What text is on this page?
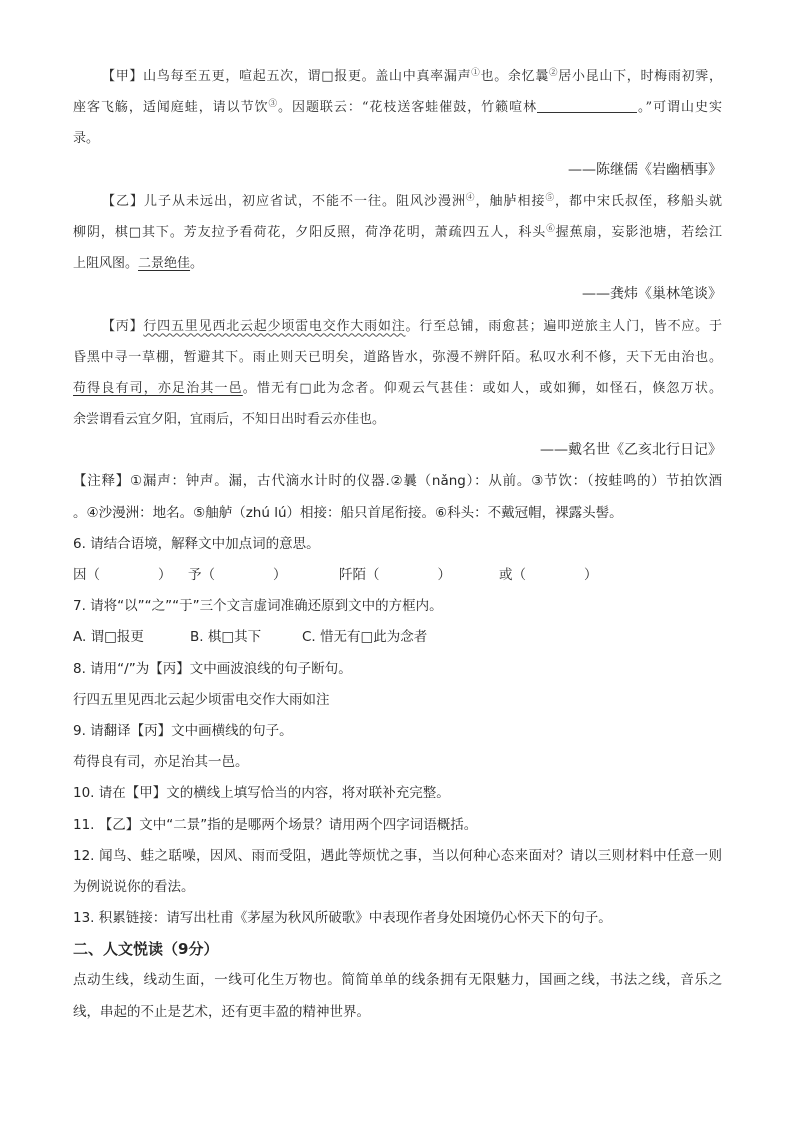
【甲】山鸟每至五更，喧起五次，谓□报更。盖山中真率漏声①也。余忆曩②居小昆山下，时梅雨初霁，
座客飞觞，适闻庭蛙，请以节饮③。因题联云：“花枝送客蛙催鼓，竹籁喧林	。”可谓山史实
录。
——陈继儒《岩幽栖事》
【乙】儿子从未远出，初应省试，不能不一往。阻风沙漫洲④，舳胪相接⑤，都中宋氏叔侄，移船头就
柳阴，棋□其下。芳友拉予看荷花，夕阳反照，荷净花明，萧疏四五人，科头⑥握蕉扇，妄影池塘，若绘江
上阻风图。二景绝佳。
——龚炜《巢林笔谈》
【丙】行四五里见西北云起少顷雷电交作大雨如注。行至总铺，雨愈甚；遍叩逆旅主人门，皆不应。于
昏黑中寻一草棚，暂避其下。雨止则天已明矣，道路皆水，弥漫不辨阡陌。私叹水利不修，天下无由治也。
苟得良有司，亦足治其一邑。惜无有□此为念者。仰观云气甚佳：或如人，或如狮，如怪石，倏忽万状。
余尝谓看云宜夕阳，宜雨后，不知日出时看云亦佳也。
——戴名世《乙亥北行日记》
【注释】①漏声：钟声。漏，古代滴水计时的仪器.②曩（nǎng）：从前。③节饮：（按蛙鸣的）节拍饮酒
。④沙漫洲：地名。⑤舳舻（zhú lú）相接：船只首尾衔接。⑥科头：不戴冠帽，裸露头髻。
6. 请结合语境，解释文中加点词的意思。
因（	） 予（	）	阡陌（	）	或（	）
7. 请将“以”“之”“于”三个文言虚词准确还原到文中的方框内。
A. 谓□报更	B. 棋□其下	C. 惜无有□此为念者
8. 请用“/”为【丙】文中画波浪线的句子断句。
行四五里见西北云起少顷雷电交作大雨如注
9. 请翻译【丙】文中画横线的句子。
苟得良有司，亦足治其一邑。
10. 请在【甲】文的横线上填写恰当的内容，将对联补充完整。
11. 【乙】文中“二景”指的是哪两个场景？请用两个四字词语概括。
12. 闻鸟、蛙之聒噪，因风、雨而受阻，遇此等烦忧之事，当以何种心态来面对？请以三则材料中任意一则
为例说说你的看法。
13. 积累链接：请写出杜甫《茅屋为秋风所破歌》中表现作者身处困境仍心怀天下的句子。
二、人文悦读（9分）
点动生线，线动生面，一线可化生万物也。简简单单的线条拥有无限魅力，国画之线，书法之线，音乐之
线，串起的不止是艺术，还有更丰盈的精神世界。
